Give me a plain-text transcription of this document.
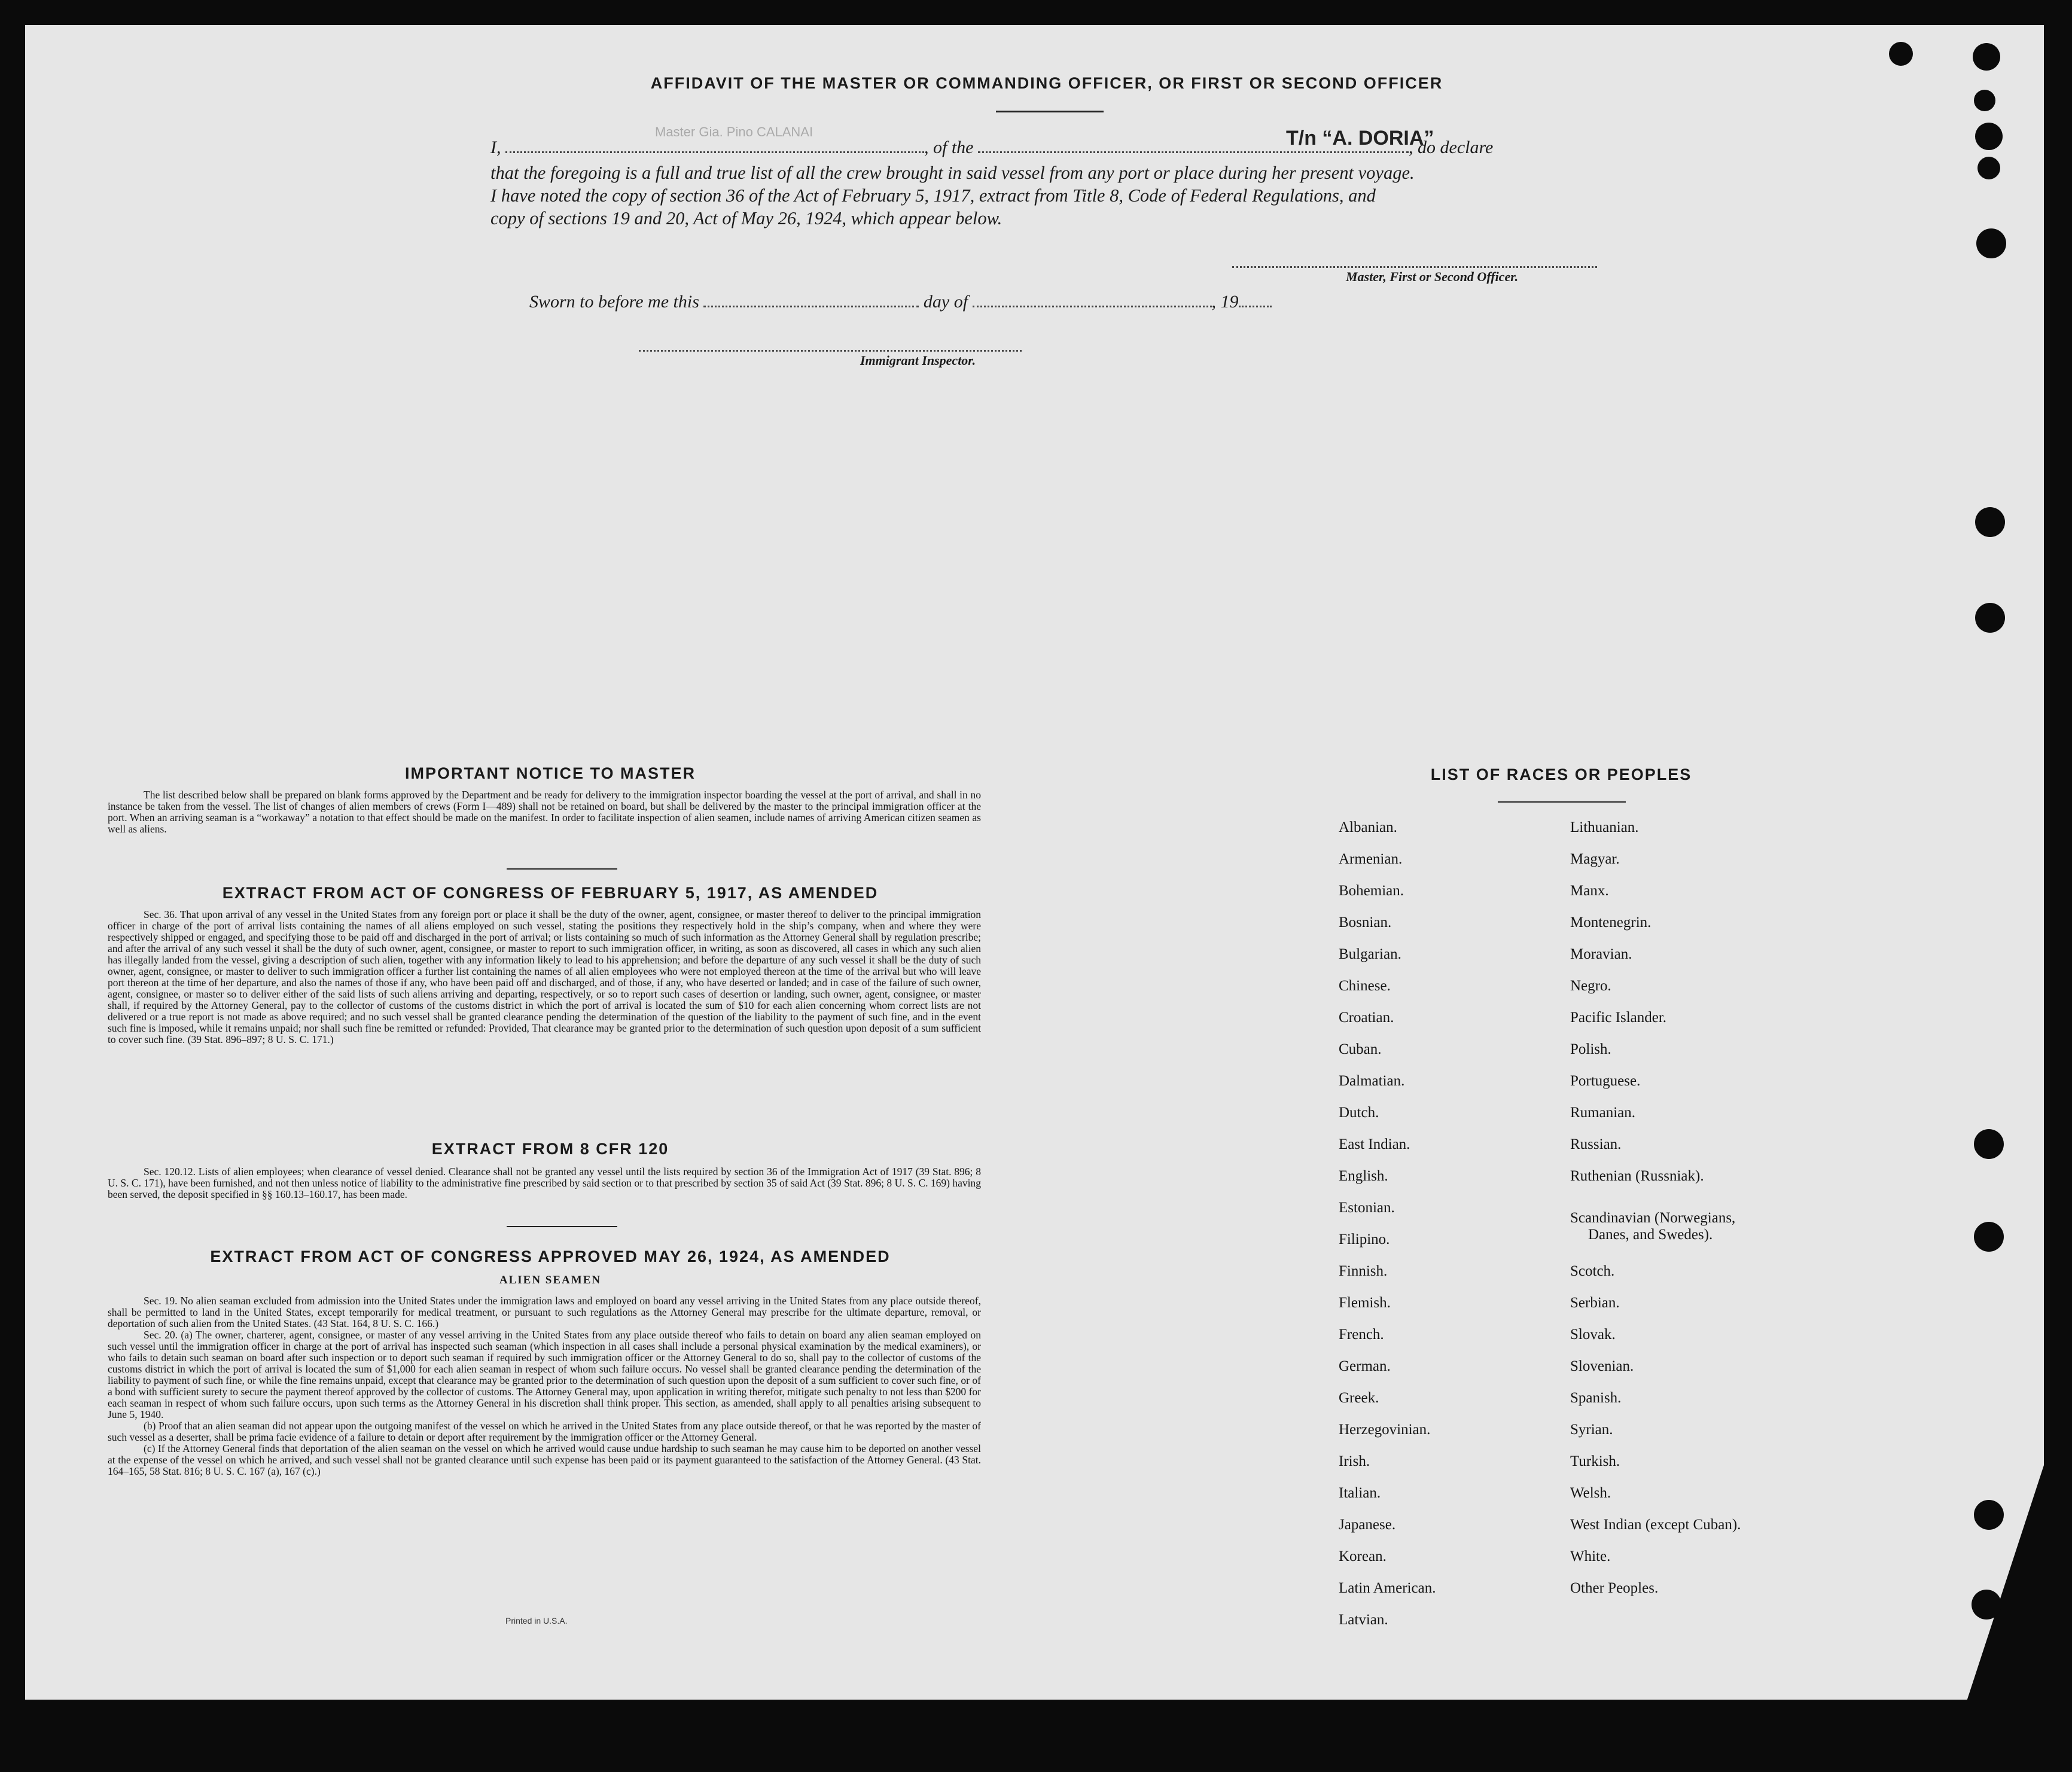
AFFIDAVIT OF THE MASTER OR COMMANDING OFFICER, OR FIRST OR SECOND OFFICER
I,	, of the	, do declare
Master Gia. Pino CALANAI	T/n “A. DORIA”
that the foregoing is a full and true list of all the crew brought in said vessel from any port or place during her present voyage.
I have noted the copy of section 36 of the Act of February 5, 1917, extract from Title 8, Code of Federal Regulations, and
copy of sections 19 and 20, Act of May 26, 1924, which appear below.
Master, First or Second Officer.
Sworn to before me this	day of	, 19
Immigrant Inspector.
IMPORTANT NOTICE TO MASTER

The list described below shall be prepared on blank forms approved by the Department and be ready for delivery to the immigration inspector boarding the vessel at the port of arrival, and shall in no instance be taken from the vessel. The list of changes of alien members of crews (Form I—489) shall not be retained on board, but shall be delivered by the master to the principal immigration officer at the port. When an arriving seaman is a “workaway” a notation to that effect should be made on the manifest. In order to facilitate inspection of alien seamen, include names of arriving American citizen seamen as well as aliens.

EXTRACT FROM ACT OF CONGRESS OF FEBRUARY 5, 1917, AS AMENDED

Sec. 36. That upon arrival of any vessel in the United States from any foreign port or place it shall be the duty of the owner, agent, consignee, or master thereof to deliver to the principal immigration officer in charge of the port of arrival lists containing the names of all aliens employed on such vessel, stating the positions they respectively hold in the ship’s company, when and where they were respectively shipped or engaged, and specifying those to be paid off and discharged in the port of arrival; or lists containing so much of such information as the Attorney General shall by regulation prescribe; and after the arrival of any such vessel it shall be the duty of such owner, agent, consignee, or master to report to such immigration officer, in writing, as soon as discovered, all cases in which any such alien has illegally landed from the vessel, giving a description of such alien, together with any information likely to lead to his apprehension; and before the departure of any such vessel it shall be the duty of such owner, agent, consignee, or master to deliver to such immigration officer a further list containing the names of all alien employees who were not employed thereon at the time of the arrival but who will leave port thereon at the time of her departure, and also the names of those if any, who have been paid off and discharged, and of those, if any, who have deserted or landed; and in case of the failure of such owner, agent, consignee, or master so to deliver either of the said lists of such aliens arriving and departing, respectively, or so to report such cases of desertion or landing, such owner, agent, consignee, or master shall, if required by the Attorney General, pay to the collector of customs of the customs district in which the port of arrival is located the sum of $10 for each alien concerning whom correct lists are not delivered or a true report is not made as above required; and no such vessel shall be granted clearance pending the determination of the question of the liability to the payment of such fine, and in the event such fine is imposed, while it remains unpaid; nor shall such fine be remitted or refunded: Provided, That clearance may be granted prior to the determination of such question upon deposit of a sum sufficient to cover such fine. (39 Stat. 896–897; 8 U. S. C. 171.)

EXTRACT FROM 8 CFR 120

Sec. 120.12. Lists of alien employees; when clearance of vessel denied. Clearance shall not be granted any vessel until the lists required by section 36 of the Immigration Act of 1917 (39 Stat. 896; 8 U. S. C. 171), have been furnished, and not then unless notice of liability to the administrative fine prescribed by said section or to that prescribed by section 35 of said Act (39 Stat. 896; 8 U. S. C. 169) having been served, the deposit specified in §§ 160.13–160.17, has been made.

EXTRACT FROM ACT OF CONGRESS APPROVED MAY 26, 1924, AS AMENDED
ALIEN SEAMEN

Sec. 19. No alien seaman excluded from admission into the United States under the immigration laws and employed on board any vessel arriving in the United States from any place outside thereof, shall be permitted to land in the United States, except temporarily for medical treatment, or pursuant to such regulations as the Attorney General may prescribe for the ultimate departure, removal, or deportation of such alien from the United States. (43 Stat. 164, 8 U. S. C. 166.)

Sec. 20. (a) The owner, charterer, agent, consignee, or master of any vessel arriving in the United States from any place outside thereof who fails to detain on board any alien seaman employed on such vessel until the immigration officer in charge at the port of arrival has inspected such seaman (which inspection in all cases shall include a personal physical examination by the medical examiners), or who fails to detain such seaman on board after such inspection or to deport such seaman if required by such immigration officer or the Attorney General to do so, shall pay to the collector of customs of the customs district in which the port of arrival is located the sum of $1,000 for each alien seaman in respect of whom such failure occurs. No vessel shall be granted clearance pending the determination of the liability to payment of such fine, or while the fine remains unpaid, except that clearance may be granted prior to the determination of such question upon the deposit of a sum sufficient to cover such fine, or of a bond with sufficient surety to secure the payment thereof approved by the collector of customs. The Attorney General may, upon application in writing therefor, mitigate such penalty to not less than $200 for each seaman in respect of whom such failure occurs, upon such terms as the Attorney General in his discretion shall think proper. This section, as amended, shall apply to all penalties arising subsequent to June 5, 1940.

(b) Proof that an alien seaman did not appear upon the outgoing manifest of the vessel on which he arrived in the United States from any place outside thereof, or that he was reported by the master of such vessel as a deserter, shall be prima facie evidence of a failure to detain or deport after requirement by the immigration officer or the Attorney General.

(c) If the Attorney General finds that deportation of the alien seaman on the vessel on which he arrived would cause undue hardship to such seaman he may cause him to be deported on another vessel at the expense of the vessel on which he arrived, and such vessel shall not be granted clearance until such expense has been paid or its payment guaranteed to the satisfaction of the Attorney General. (43 Stat. 164–165, 58 Stat. 816; 8 U. S. C. 167 (a), 167 (c).)

Printed in U.S.A.
LIST OF RACES OR PEOPLES
Albanian.
Armenian.
Bohemian.
Bosnian.
Bulgarian.
Chinese.
Croatian.
Cuban.
Dalmatian.
Dutch.
East Indian.
English.
Estonian.
Filipino.
Finnish.
Flemish.
French.
German.
Greek.
Herzegovinian.
Irish.
Italian.
Japanese.
Korean.
Latin American.
Latvian.
Lithuanian.
Magyar.
Manx.
Montenegrin.
Moravian.
Negro.
Pacific Islander.
Polish.
Portuguese.
Rumanian.
Russian.
Ruthenian (Russniak).
Scandinavian (Norwegians,
Danes, and Swedes).
Scotch.
Serbian.
Slovak.
Slovenian.
Spanish.
Syrian.
Turkish.
Welsh.
West Indian (except Cuban).
White.
Other Peoples.
